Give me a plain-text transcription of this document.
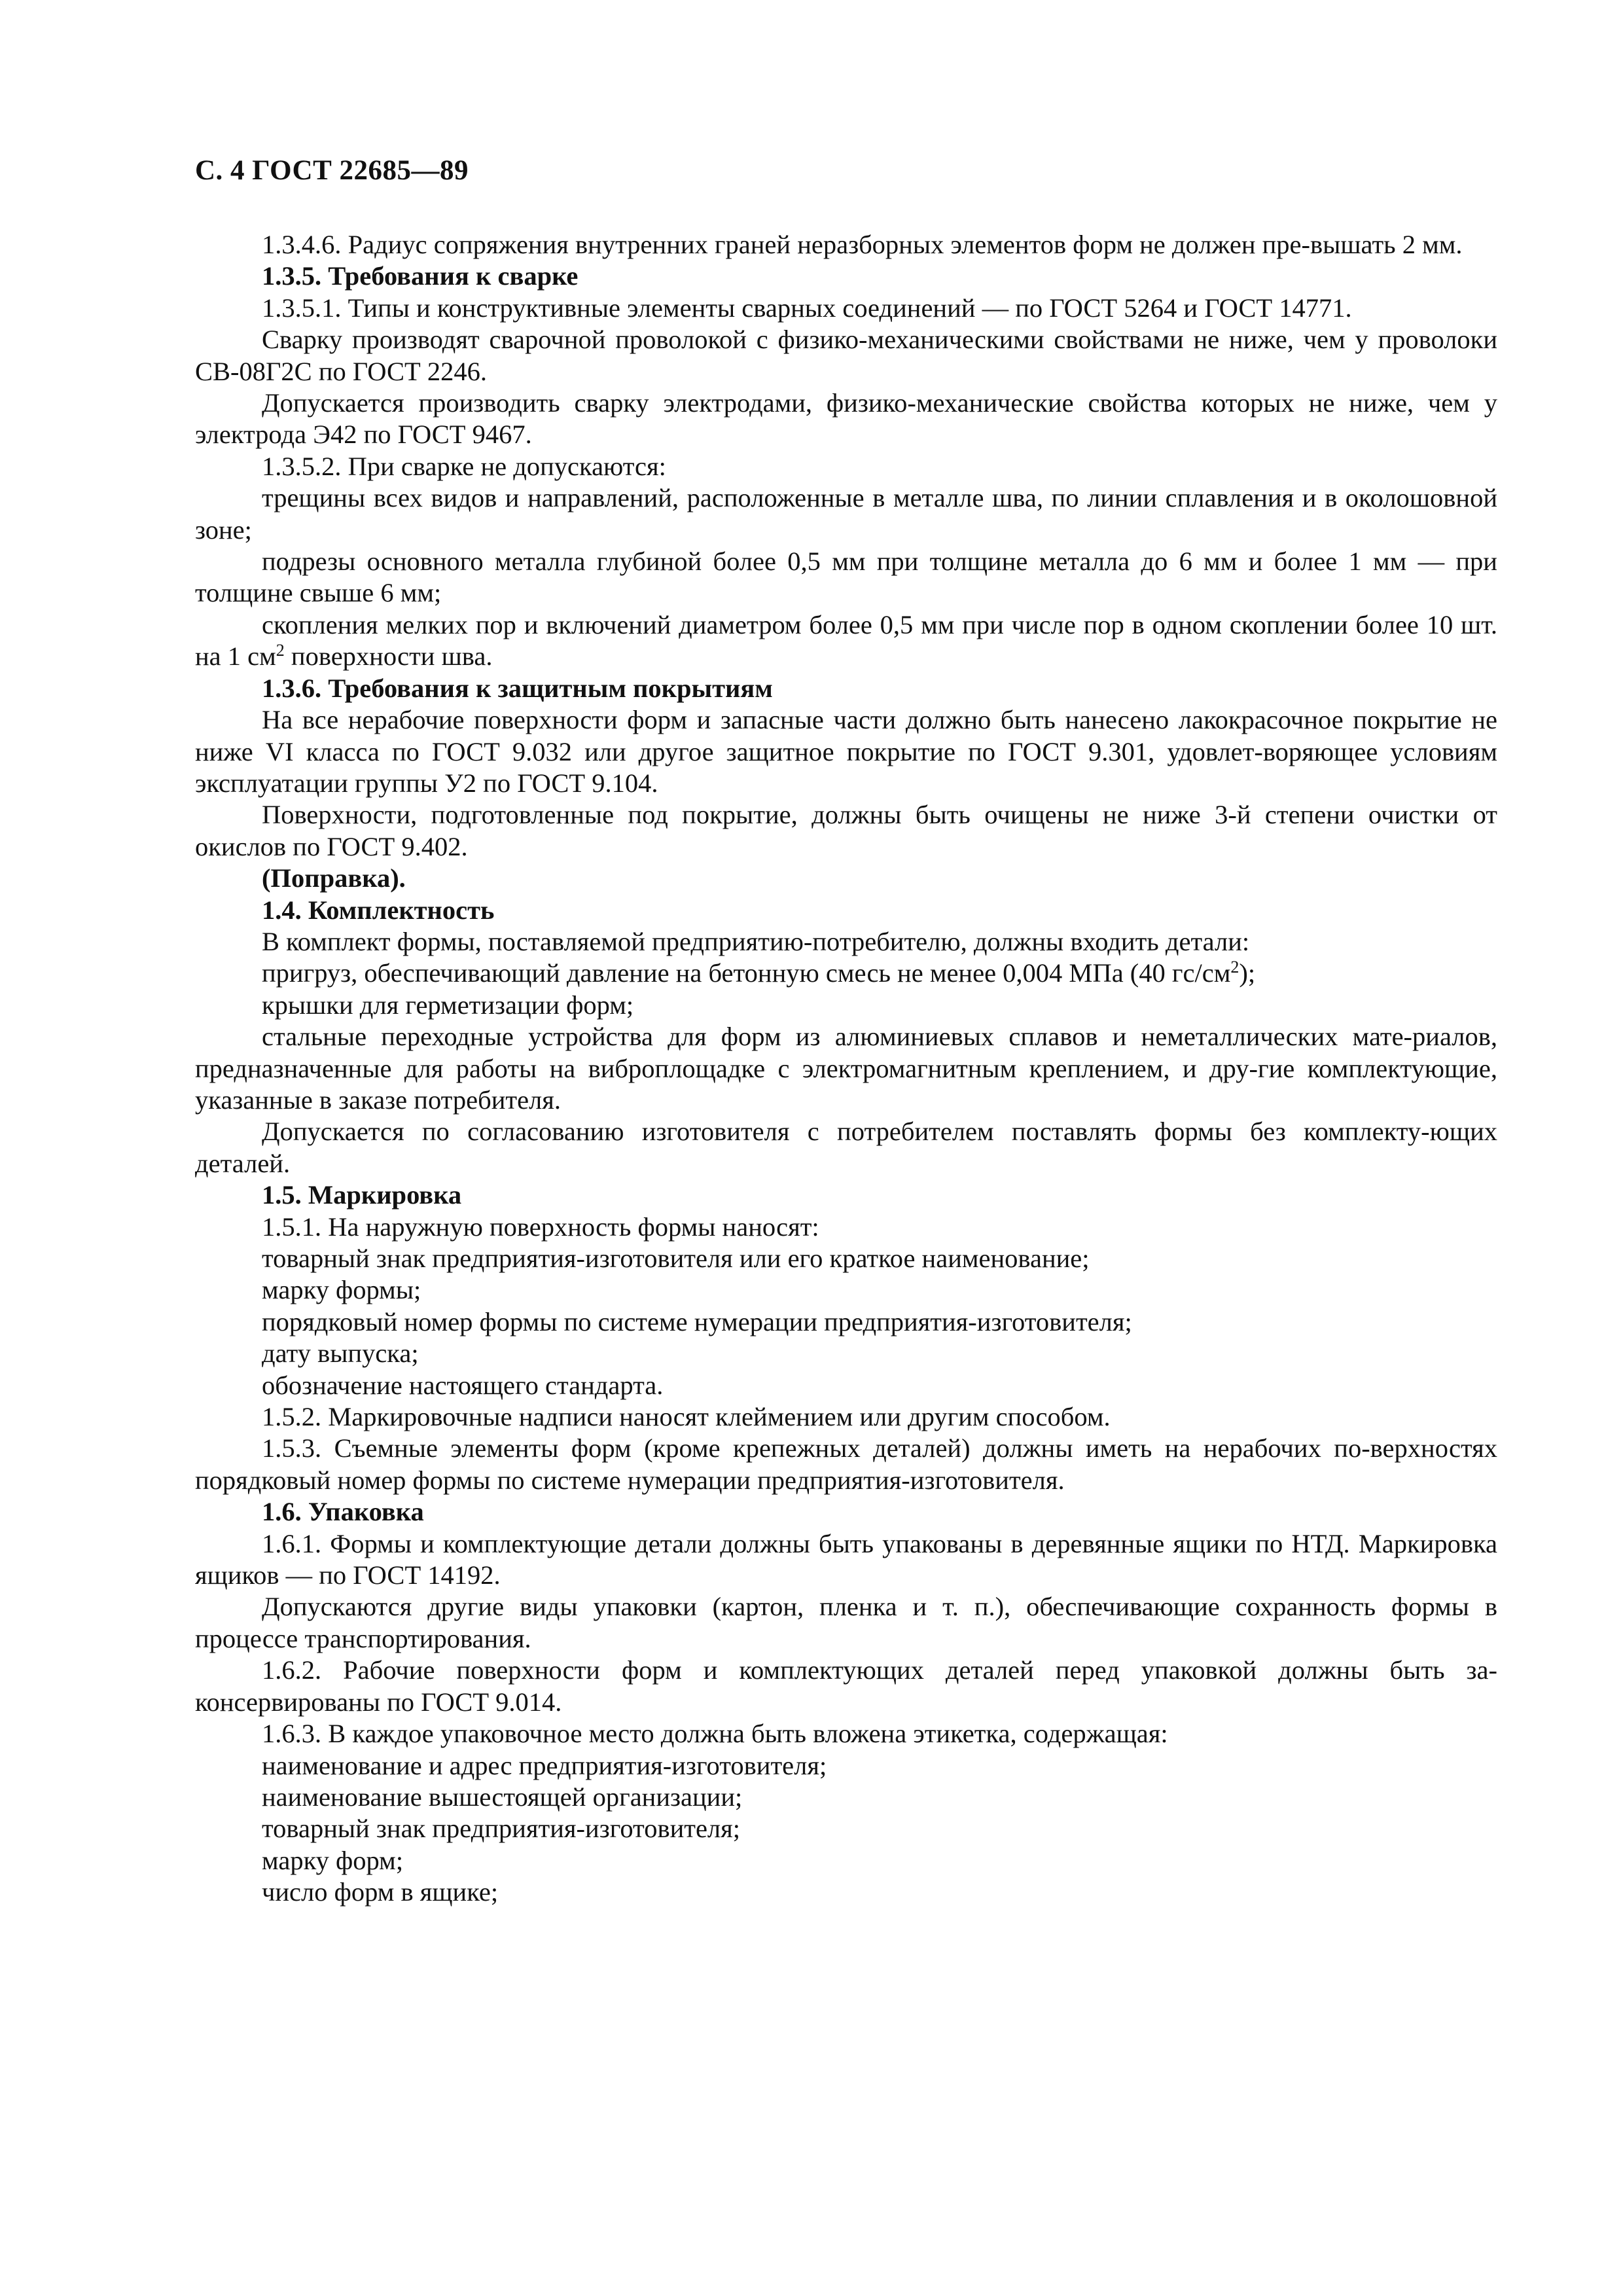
С. 4 ГОСТ 22685—89

1.3.4.6. Радиус сопряжения внутренних граней неразборных элементов форм не должен пре-вышать 2 мм.

1.3.5. Требования к сварке

1.3.5.1. Типы и конструктивные элементы сварных соединений — по ГОСТ 5264 и ГОСТ 14771.

Сварку производят сварочной проволокой с физико-механическими свойствами не ниже, чем у проволоки СВ-08Г2С по ГОСТ 2246.

Допускается производить сварку электродами, физико-механические свойства которых не ниже, чем у электрода Э42 по ГОСТ 9467.

1.3.5.2. При сварке не допускаются:

трещины всех видов и направлений, расположенные в металле шва, по линии сплавления и в околошовной зоне;

подрезы основного металла глубиной более 0,5 мм при толщине металла до 6 мм и более 1 мм — при толщине свыше 6 мм;

скопления мелких пор и включений диаметром более 0,5 мм при числе пор в одном скоплении более 10 шт. на 1 $см^2$ поверхности шва.

1.3.6. Требования к защитным покрытиям

На все нерабочие поверхности форм и запасные части должно быть нанесено лакокрасочное покрытие не ниже VI класса по ГОСТ 9.032 или другое защитное покрытие по ГОСТ 9.301, удовлет-воряющее условиям эксплуатации группы У2 по ГОСТ 9.104.

Поверхности, подготовленные под покрытие, должны быть очищены не ниже 3-й степени очистки от окислов по ГОСТ 9.402.

(Поправка).

1.4. Комплектность

В комплект формы, поставляемой предприятию-потребителю, должны входить детали:

пригруз, обеспечивающий давление на бетонную смесь не менее 0,004 МПа (40 $гс/см^2$);

крышки для герметизации форм;

стальные переходные устройства для форм из алюминиевых сплавов и неметаллических мате-риалов, предназначенные для работы на виброплощадке с электромагнитным креплением, и дру-гие комплектующие, указанные в заказе потребителя.

Допускается по согласованию изготовителя с потребителем поставлять формы без комплекту-ющих деталей.

1.5. Маркировка

1.5.1. На наружную поверхность формы наносят:

товарный знак предприятия-изготовителя или его краткое наименование;

марку формы;

порядковый номер формы по системе нумерации предприятия-изготовителя;

дату выпуска;

обозначение настоящего стандарта.

1.5.2. Маркировочные надписи наносят клеймением или другим способом.

1.5.3. Съемные элементы форм (кроме крепежных деталей) должны иметь на нерабочих по-верхностях порядковый номер формы по системе нумерации предприятия-изготовителя.

1.6. Упаковка

1.6.1. Формы и комплектующие детали должны быть упакованы в деревянные ящики по НТД. Маркировка ящиков — по ГОСТ 14192.

Допускаются другие виды упаковки (картон, пленка и т. п.), обеспечивающие сохранность формы в процессе транспортирования.

1.6.2. Рабочие поверхности форм и комплектующих деталей перед упаковкой должны быть за-консервированы по ГОСТ 9.014.

1.6.3. В каждое упаковочное место должна быть вложена этикетка, содержащая:

наименование и адрес предприятия-изготовителя;

наименование вышестоящей организации;

товарный знак предприятия-изготовителя;

марку форм;

число форм в ящике;
